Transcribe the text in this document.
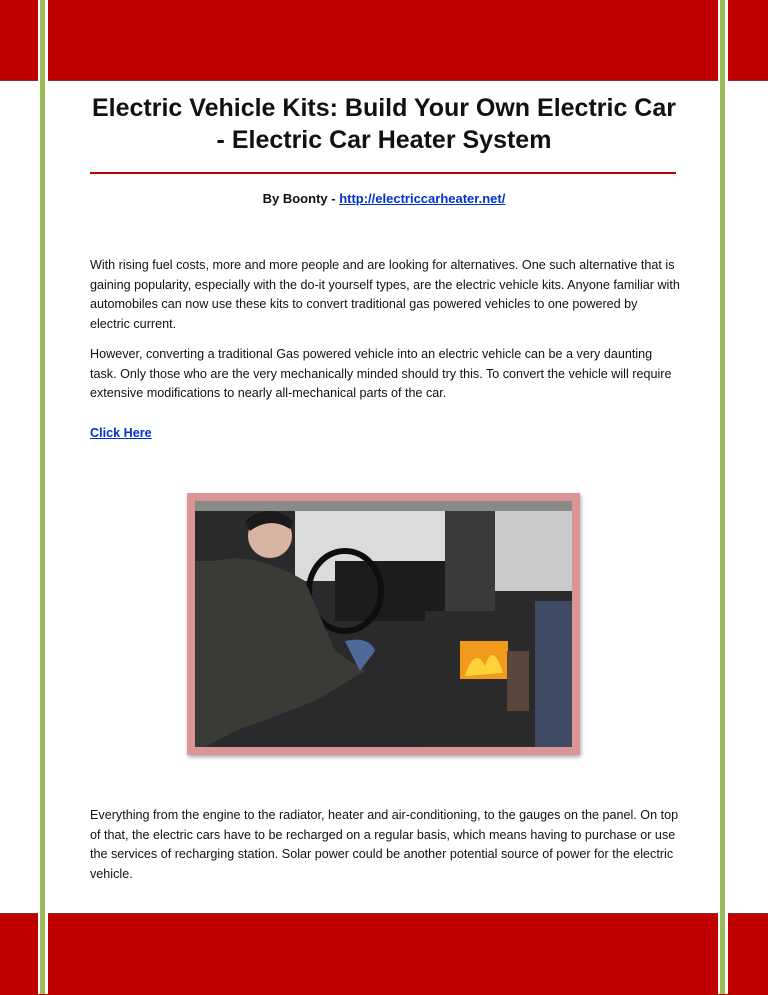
Electric Vehicle Kits: Build Your Own Electric Car - Electric Car Heater System
By Boonty - http://electriccarheater.net/

With rising fuel costs, more and more people and are looking for alternatives. One such alternative that is gaining popularity, especially with the do-it yourself types, are the electric vehicle kits. Anyone familiar with automobiles can now use these kits to convert traditional gas powered vehicles to one powered by electric current.

However, converting a traditional Gas powered vehicle into an electric vehicle can be a very daunting task. Only those who are the very mechanically minded should try this. To convert the vehicle will require extensive modifications to nearly all-mechanical parts of the car.

Click Here

Everything from the engine to the radiator, heater and air-conditioning, to the gauges on the panel. On top of that, the electric cars have to be recharged on a regular basis, which means having to purchase or use the services of recharging station. Solar power could be another potential source of power for the electric vehicle.
